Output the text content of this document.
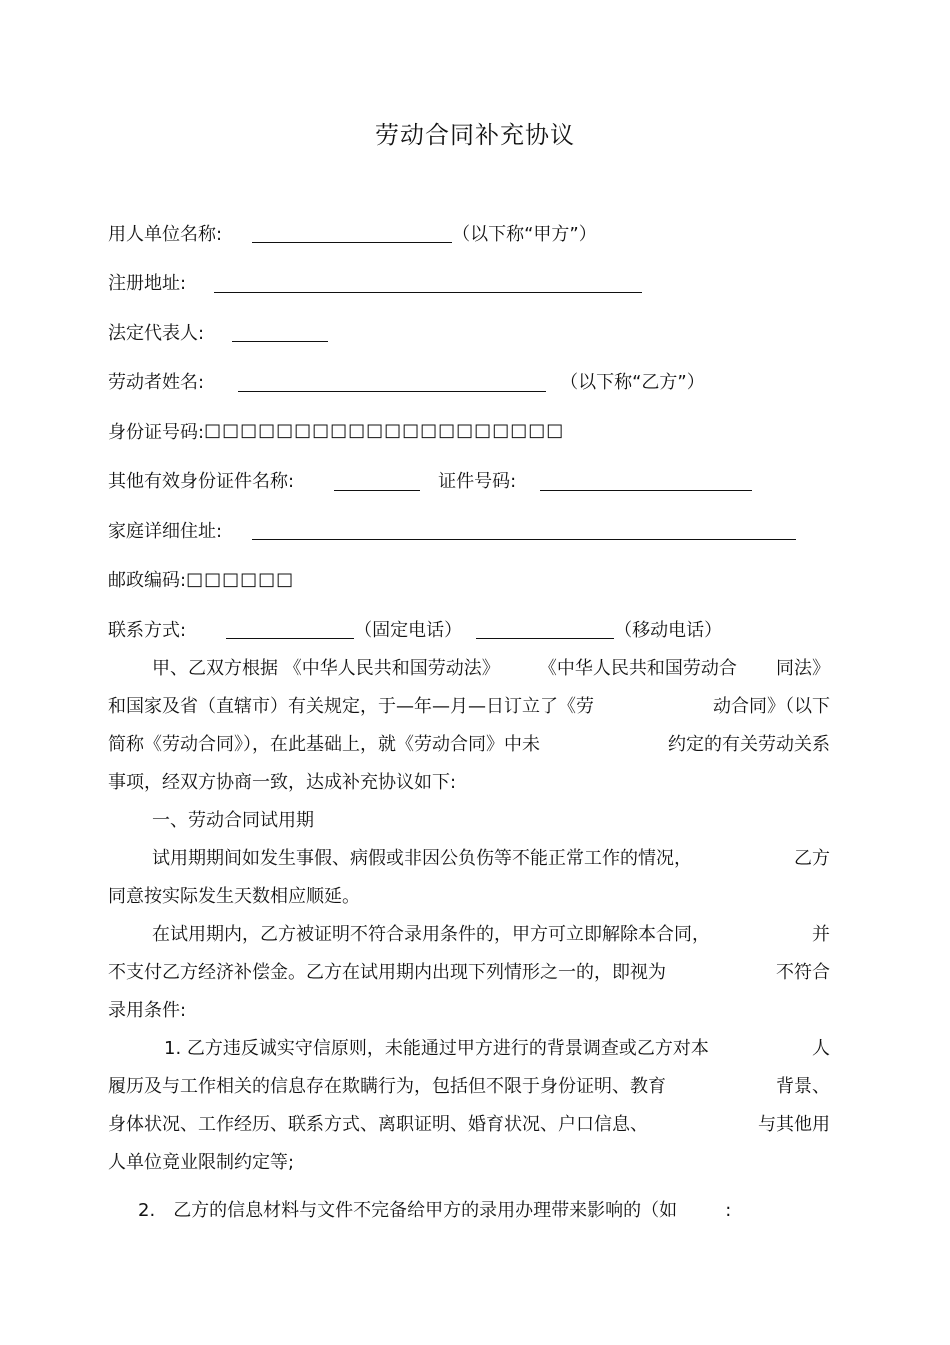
劳动合同补充协议
用人单位名称:	（以下称“甲方”）
注册地址:
法定代表人:
劳动者姓名:	（以下称“乙方”）
身份证号码: □□□□□□□□□□□□□□□□□□□□
其他有效身份证件名称:	证件号码:
家庭详细住址:
邮政编码: □□□□□□
联系方式:	（固定电话）	（移动电话）
甲、乙双方根据 《中华人民共和国劳动法》 《中华人民共和国劳动合 同法》
和国家及省（直辖市）有关规定，于—年—月—日订立了《劳	动合同》（以下
简称《劳动合同》），在此基础上，就《劳动合同》中未	约定的有关劳动关系
事项，经双方协商一致，达成补充协议如下:
一、劳动合同试用期
试用期期间如发生事假、病假或非因公负伤等不能正常工作的情况，	乙方
同意按实际发生天数相应顺延。
在试用期内，乙方被证明不符合录用条件的，甲方可立即解除本合同，	并
不支付乙方经济补偿金。乙方在试用期内出现下列情形之一的，即视为	不符合
录用条件:
1. 乙方违反诚实守信原则，未能通过甲方进行的背景调查或乙方对本	人
履历及与工作相关的信息存在欺瞒行为，包括但不限于身份证明、教育	背景、
身体状况、工作经历、联系方式、离职证明、婚育状况、户口信息、	与其他用
人单位竟业限制约定等;
2. 乙方的信息材料与文件不完备给甲方的录用办理带来影响的（如	:
